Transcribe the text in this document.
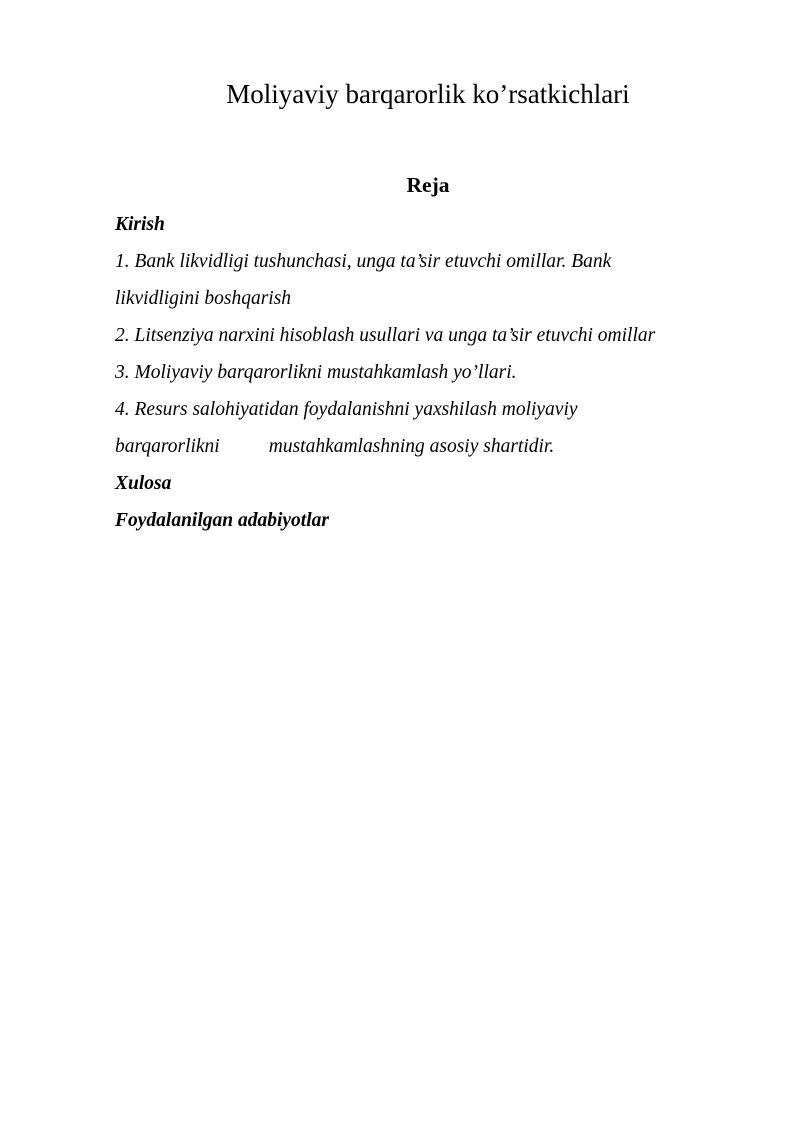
Moliyaviy barqarorlik ko’rsatkichlari
Reja
Kirish
1. Bank likvidligi tushunchasi, unga ta’sir etuvchi omillar. Bank
likvidligini boshqarish
2. Litsenziya narxini hisoblash usullari va unga ta’sir etuvchi omillar
3. Moliyaviy barqarorlikni mustahkamlash yo’llari.
4. Resurs salohiyatidan foydalanishni yaxshilash moliyaviy
barqarorlikni	mustahkamlashning asosiy shartidir.
Xulosa
Foydalanilgan adabiyotlar
